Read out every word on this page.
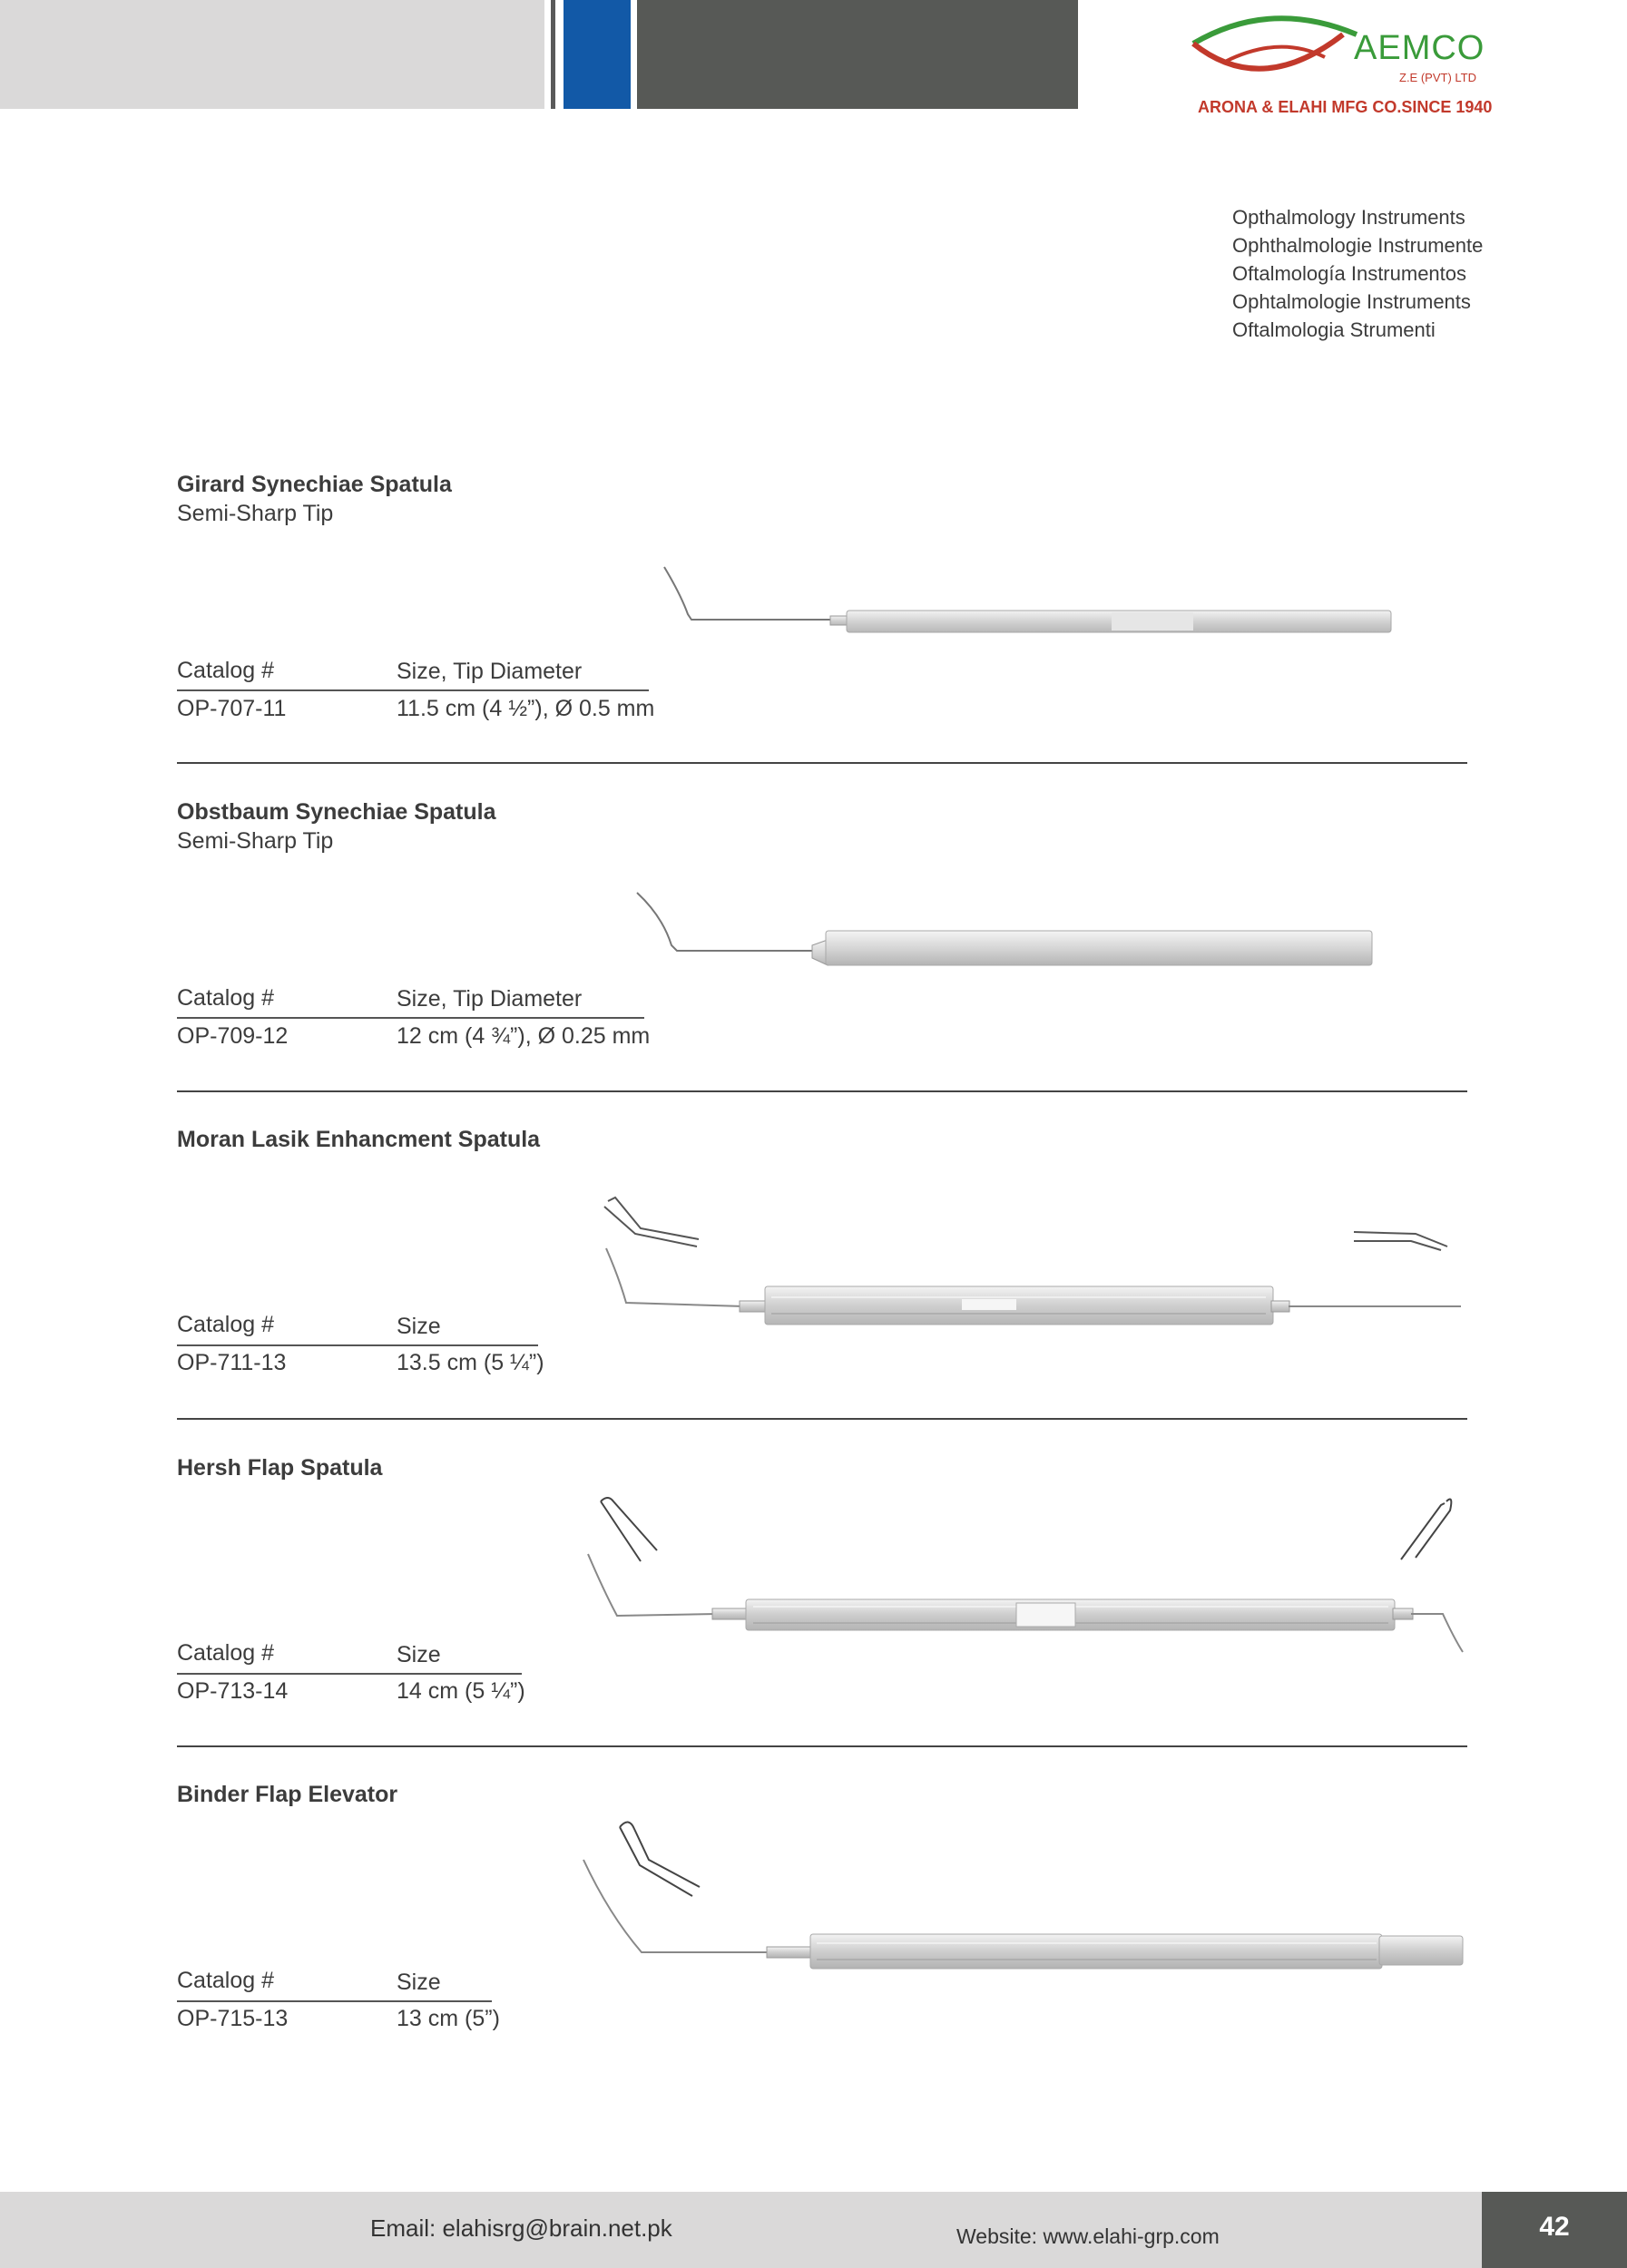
AEMCO
Z.E (PVT) LTD
ARONA & ELAHI MFG CO.SINCE 1940
Opthalmology Instruments
Ophthalmologie Instrumente
Oftalmología Instrumentos
Ophtalmologie Instruments
Oftalmologia Strumenti
Girard Synechiae Spatula
Semi-Sharp Tip
Catalog #	Size, Tip Diameter
OP-707-11	11.5 cm (4 ½”), Ø 0.5 mm
Obstbaum Synechiae Spatula
Semi-Sharp Tip
Catalog #	Size, Tip Diameter
OP-709-12	12 cm (4 ¾”), Ø 0.25 mm
Moran Lasik Enhancment Spatula
Catalog #	Size
OP-711-13	13.5 cm (5 ¼”)
Hersh Flap Spatula
Catalog #	Size
OP-713-14	14 cm (5 ¼”)
Binder Flap Elevator
Catalog #	Size
OP-715-13	13 cm (5”)
Email: elahisrg@brain.net.pk	Website: www.elahi-grp.com	42
